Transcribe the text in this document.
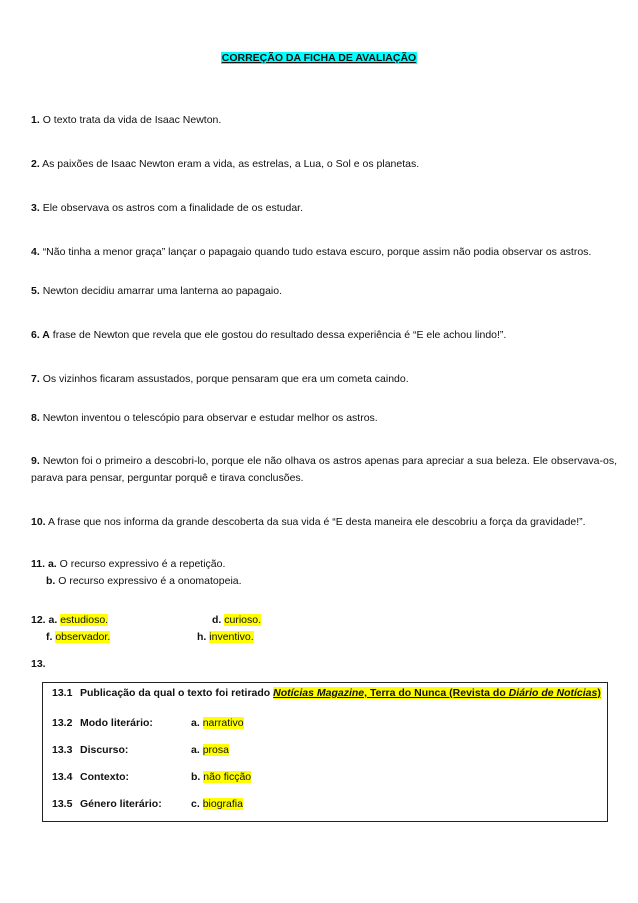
CORREÇÃO DA FICHA DE AVALIAÇÃO
1. O texto trata da vida de Isaac Newton.
2. As paixões de Isaac Newton eram a vida, as estrelas, a Lua, o Sol e os planetas.
3. Ele observava os astros com a finalidade de os estudar.
4. “Não tinha a menor graça” lançar o papagaio quando tudo estava escuro, porque assim não podia observar os astros.
5. Newton decidiu amarrar uma lanterna ao papagaio.
6. A frase de Newton que revela que ele gostou do resultado dessa experiência é “E ele achou lindo!”.
7. Os vizinhos ficaram assustados, porque pensaram que era um cometa caindo.
8. Newton inventou o telescópio para observar e estudar melhor os astros.
9. Newton foi o primeiro a descobri-lo, porque ele não olhava os astros apenas para apreciar a sua beleza. Ele observava-os, parava para pensar, perguntar porquê e tirava conclusões.
10. A frase que nos informa da grande descoberta da sua vida é “E desta maneira ele descobriu a força da gravidade!”.
11. a. O recurso expressivo é a repetição.
b. O recurso expressivo é a onomatopeia.
12. a. estudioso.	d. curioso.
f. observador.	h. inventivo.
13.
13.1 Publicação da qual o texto foi retirado Notícias Magazine, Terra do Nunca (Revista do Diário de Notícias)
13.2 Modo literário:	a. narrativo
13.3 Discurso:	a. prosa
13.4 Contexto:	b. não ficção
13.5 Género literário:	c. biografia
